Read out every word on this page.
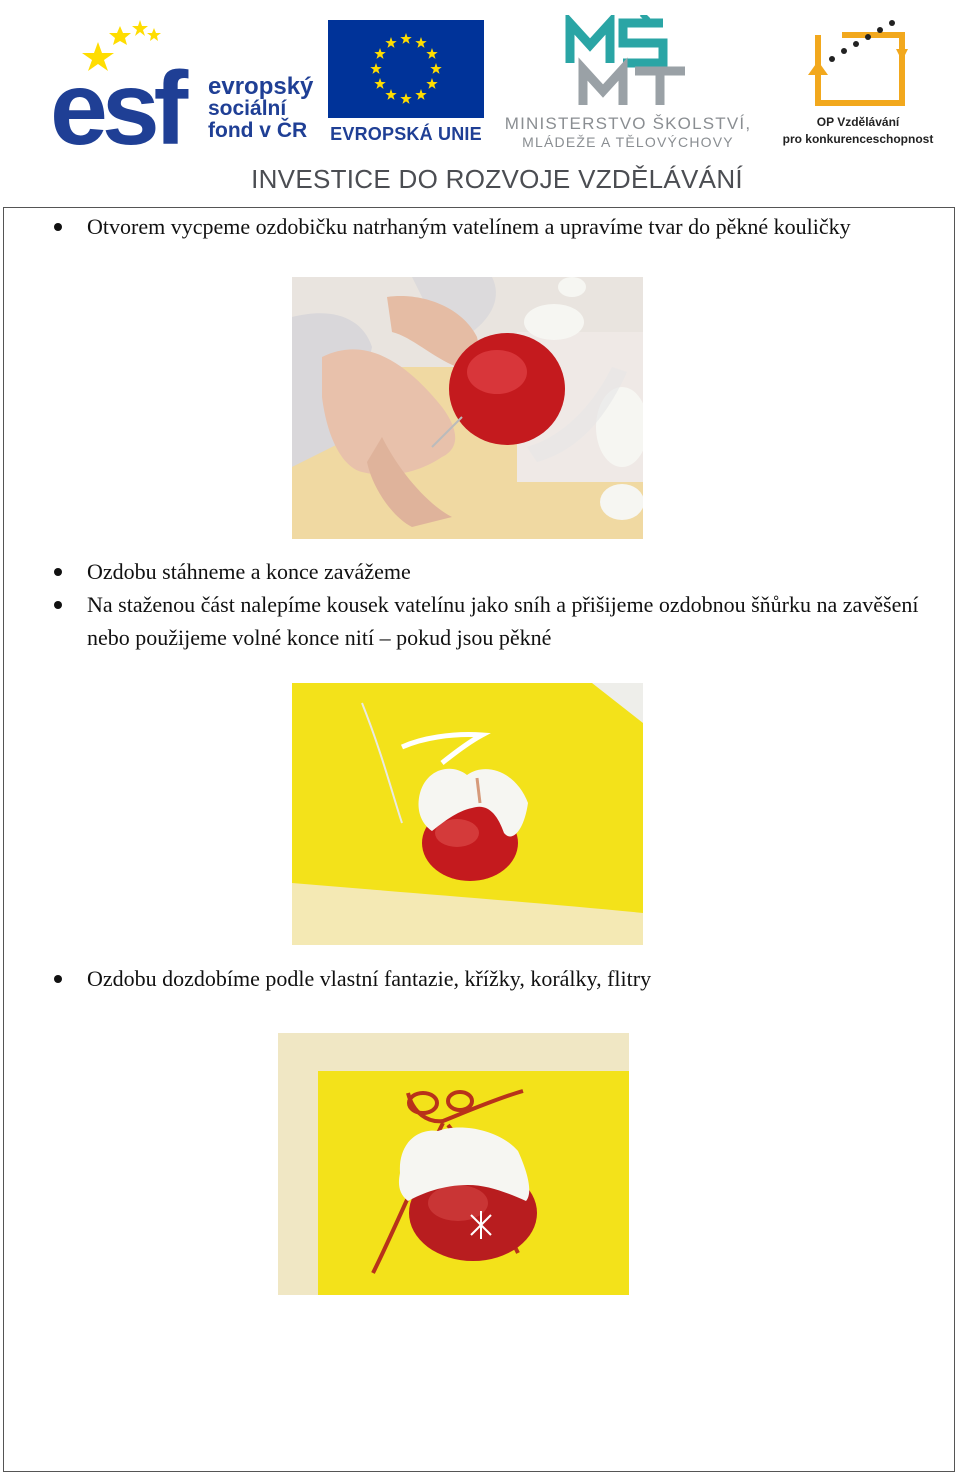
esf evropský
sociální
fond v ČR	EVROPSKÁ UNIE
MINISTERSTVO ŠKOLSTVÍ,
MLÁDEŽE A TĚLOVÝCHOVY
OP Vzdělávání
pro konkurenceschopnost
INVESTICE DO ROZVOJE VZDĚLÁVÁNÍ
Otvorem vycpeme ozdobičku natrhaným vatelínem a upravíme tvar do pěkné kouličky
Ozdobu stáhneme a konce zavážeme
Na staženou část nalepíme kousek vatelínu jako sníh a přišijeme ozdobnou šňůrku na zavěšení nebo použijeme volné konce nití – pokud jsou pěkné
Ozdobu dozdobíme podle vlastní fantazie, křížky, korálky, flitry
